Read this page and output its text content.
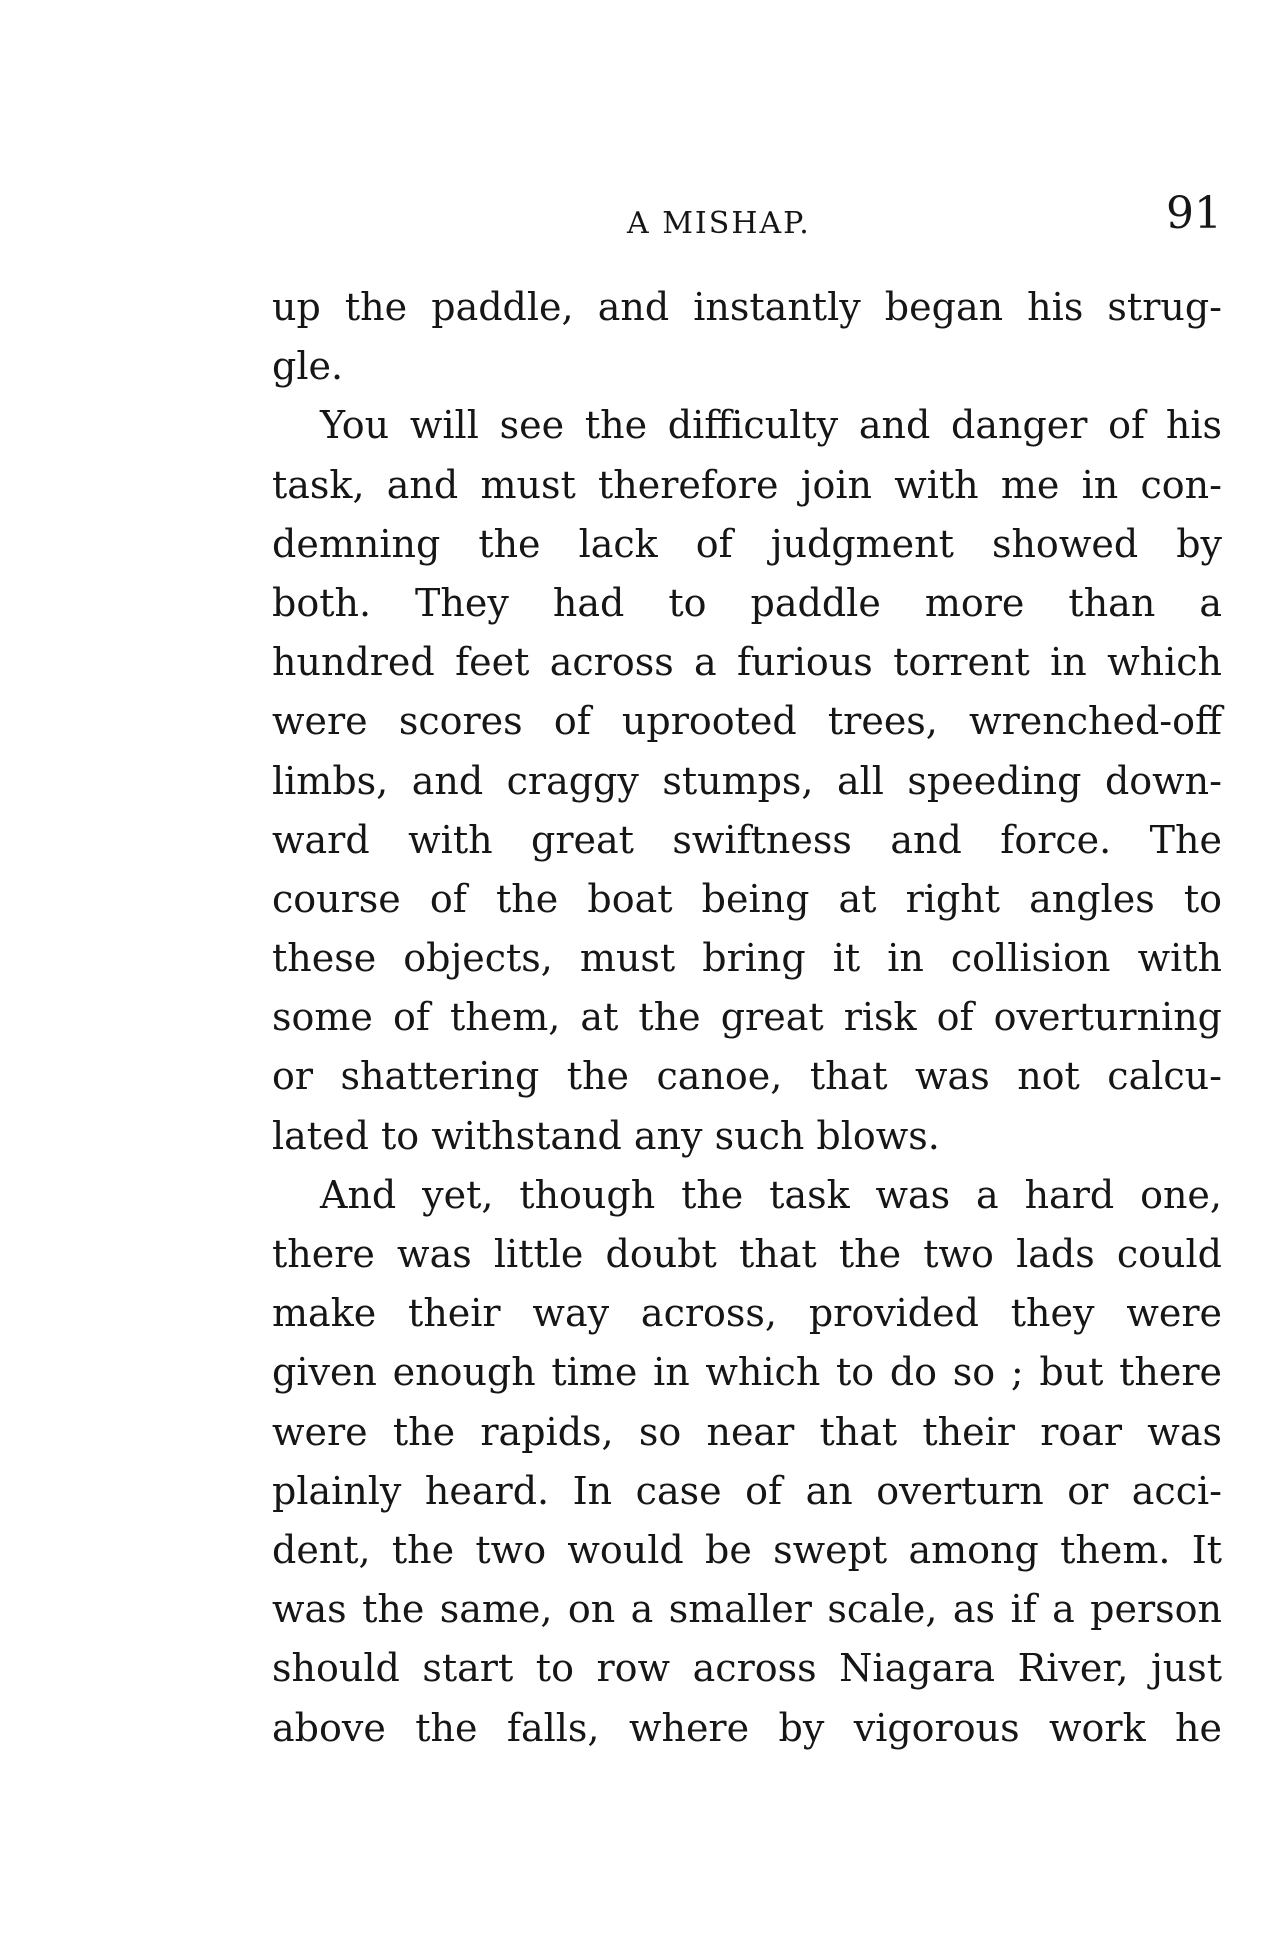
A MISHAP.	91
up the paddle, and instantly began his strug-
gle.
You will see the difficulty and danger of his
task, and must therefore join with me in con-
demning the lack of judgment showed by
both. They had to paddle more than a
hundred feet across a furious torrent in which
were scores of uprooted trees, wrenched-off
limbs, and craggy stumps, all speeding down-
ward with great swiftness and force. The
course of the boat being at right angles to
these objects, must bring it in collision with
some of them, at the great risk of overturning
or shattering the canoe, that was not calcu-
lated to withstand any such blows.
And yet, though the task was a hard one,
there was little doubt that the two lads could
make their way across, provided they were
given enough time in which to do so ; but there
were the rapids, so near that their roar was
plainly heard. In case of an overturn or acci-
dent, the two would be swept among them. It
was the same, on a smaller scale, as if a person
should start to row across Niagara River, just
above the falls, where by vigorous work he
